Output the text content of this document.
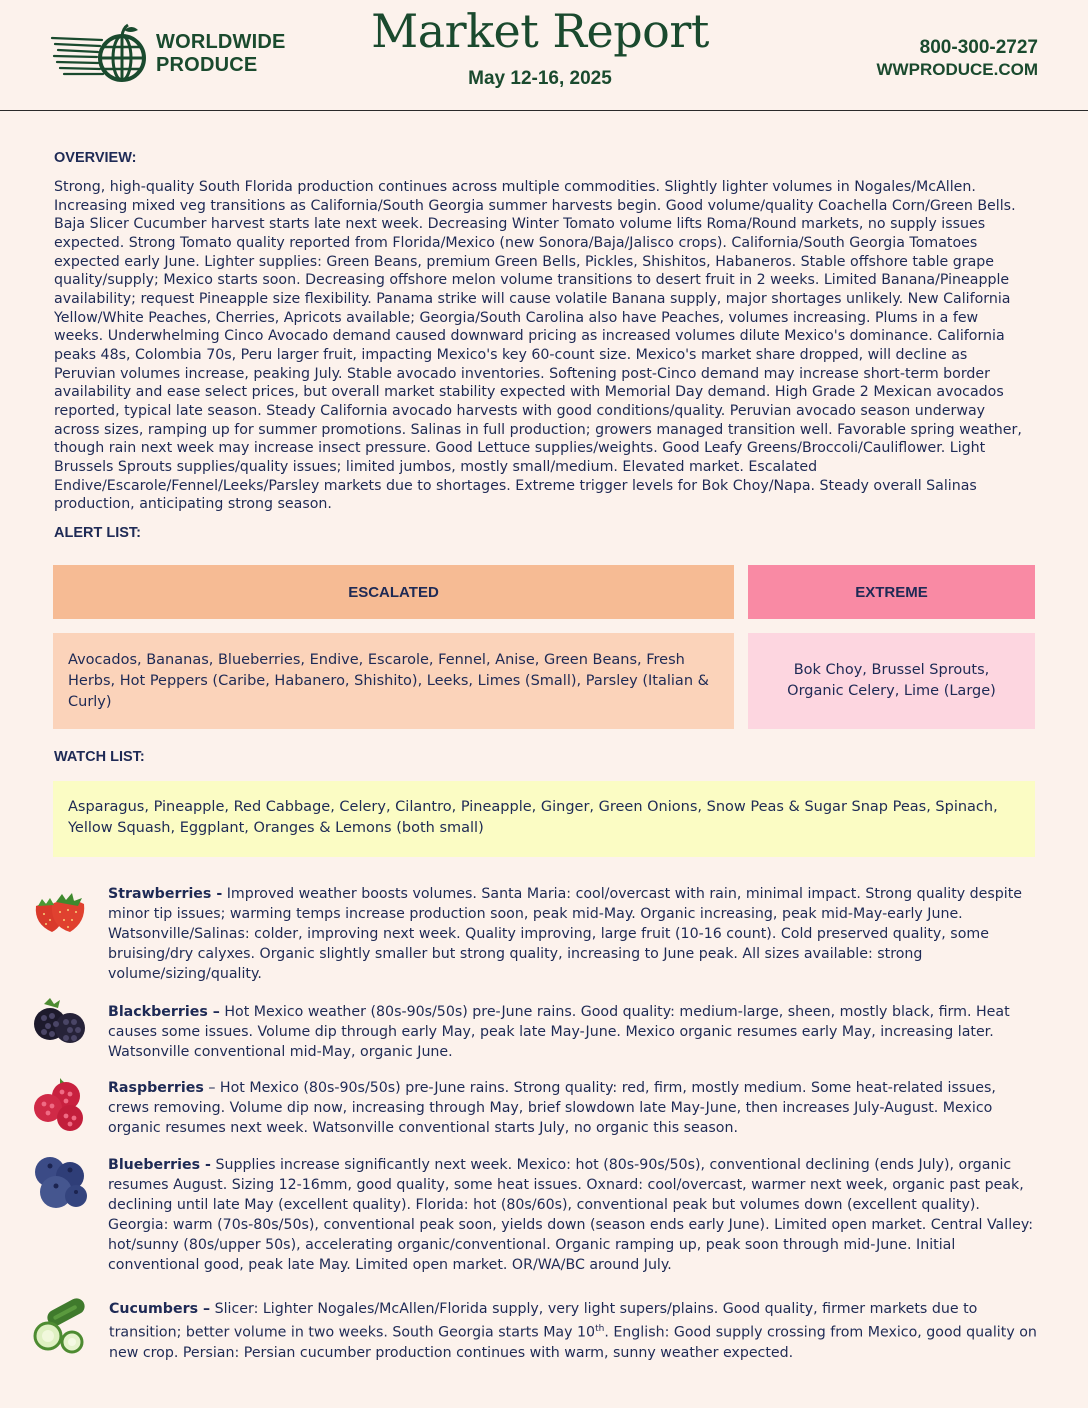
WORLDWIDE
PRODUCE
Market Report
May 12-16, 2025
800-300-2727
WWPRODUCE.COM
OVERVIEW:

Strong, high-quality South Florida production continues across multiple commodities. Slightly lighter volumes in Nogales/McAllen. Increasing mixed veg transitions as California/South Georgia summer harvests begin. Good volume/quality Coachella Corn/Green Bells. Baja Slicer Cucumber harvest starts late next week. Decreasing Winter Tomato volume lifts Roma/Round markets, no supply issues expected. Strong Tomato quality reported from Florida/Mexico (new Sonora/Baja/Jalisco crops). California/South Georgia Tomatoes expected early June. Lighter supplies: Green Beans, premium Green Bells, Pickles, Shishitos, Habaneros. Stable offshore table grape quality/supply; Mexico starts soon. Decreasing offshore melon volume transitions to desert fruit in 2 weeks. Limited Banana/Pineapple availability; request Pineapple size flexibility. Panama strike will cause volatile Banana supply, major shortages unlikely. New California Yellow/White Peaches, Cherries, Apricots available; Georgia/South Carolina also have Peaches, volumes increasing. Plums in a few weeks. Underwhelming Cinco Avocado demand caused downward pricing as increased volumes dilute Mexico's dominance. California peaks 48s, Colombia 70s, Peru larger fruit, impacting Mexico's key 60-count size. Mexico's market share dropped, will decline as Peruvian volumes increase, peaking July. Stable avocado inventories. Softening post-Cinco demand may increase short-term border availability and ease select prices, but overall market stability expected with Memorial Day demand. High Grade 2 Mexican avocados reported, typical late season. Steady California avocado harvests with good conditions/quality. Peruvian avocado season underway across sizes, ramping up for summer promotions. Salinas in full production; growers managed transition well. Favorable spring weather, though rain next week may increase insect pressure. Good Lettuce supplies/weights. Good Leafy Greens/Broccoli/Cauliflower. Light Brussels Sprouts supplies/quality issues; limited jumbos, mostly small/medium. Elevated market. Escalated Endive/Escarole/Fennel/Leeks/Parsley markets due to shortages. Extreme trigger levels for Bok Choy/Napa. Steady overall Salinas production, anticipating strong season.

ALERT LIST:
ESCALATED	EXTREME
Avocados, Bananas, Blueberries, Endive, Escarole, Fennel, Anise, Green Beans, Fresh Herbs, Hot Peppers (Caribe, Habanero, Shishito), Leeks, Limes (Small), Parsley (Italian & Curly)
Bok Choy, Brussel Sprouts, Organic Celery, Lime (Large)
WATCH LIST:
Asparagus, Pineapple, Red Cabbage, Celery, Cilantro, Pineapple, Ginger, Green Onions, Snow Peas & Sugar Snap Peas, Spinach, Yellow Squash, Eggplant, Oranges & Lemons (both small)

Strawberries - Improved weather boosts volumes. Santa Maria: cool/overcast with rain, minimal impact. Strong quality despite minor tip issues; warming temps increase production soon, peak mid-May. Organic increasing, peak mid-May-early June. Watsonville/Salinas: colder, improving next week. Quality improving, large fruit (10-16 count). Cold preserved quality, some bruising/dry calyxes. Organic slightly smaller but strong quality, increasing to June peak. All sizes available: strong volume/sizing/quality.

Blackberries – Hot Mexico weather (80s-90s/50s) pre-June rains. Good quality: medium-large, sheen, mostly black, firm. Heat causes some issues. Volume dip through early May, peak late May-June. Mexico organic resumes early May, increasing later. Watsonville conventional mid-May, organic June.

Raspberries – Hot Mexico (80s-90s/50s) pre-June rains. Strong quality: red, firm, mostly medium. Some heat-related issues, crews removing. Volume dip now, increasing through May, brief slowdown late May-June, then increases July-August. Mexico organic resumes next week. Watsonville conventional starts July, no organic this season.

Blueberries - Supplies increase significantly next week. Mexico: hot (80s-90s/50s), conventional declining (ends July), organic resumes August. Sizing 12-16mm, good quality, some heat issues. Oxnard: cool/overcast, warmer next week, organic past peak, declining until late May (excellent quality). Florida: hot (80s/60s), conventional peak but volumes down (excellent quality). Georgia: warm (70s-80s/50s), conventional peak soon, yields down (season ends early June). Limited open market. Central Valley: hot/sunny (80s/upper 50s), accelerating organic/conventional. Organic ramping up, peak soon through mid-June. Initial conventional good, peak late May. Limited open market. OR/WA/BC around July.

Cucumbers – Slicer: Lighter Nogales/McAllen/Florida supply, very light supers/plains. Good quality, firmer markets due to transition; better volume in two weeks. South Georgia starts May 10th. English: Good supply crossing from Mexico, good quality on new crop. Persian: Persian cucumber production continues with warm, sunny weather expected.
